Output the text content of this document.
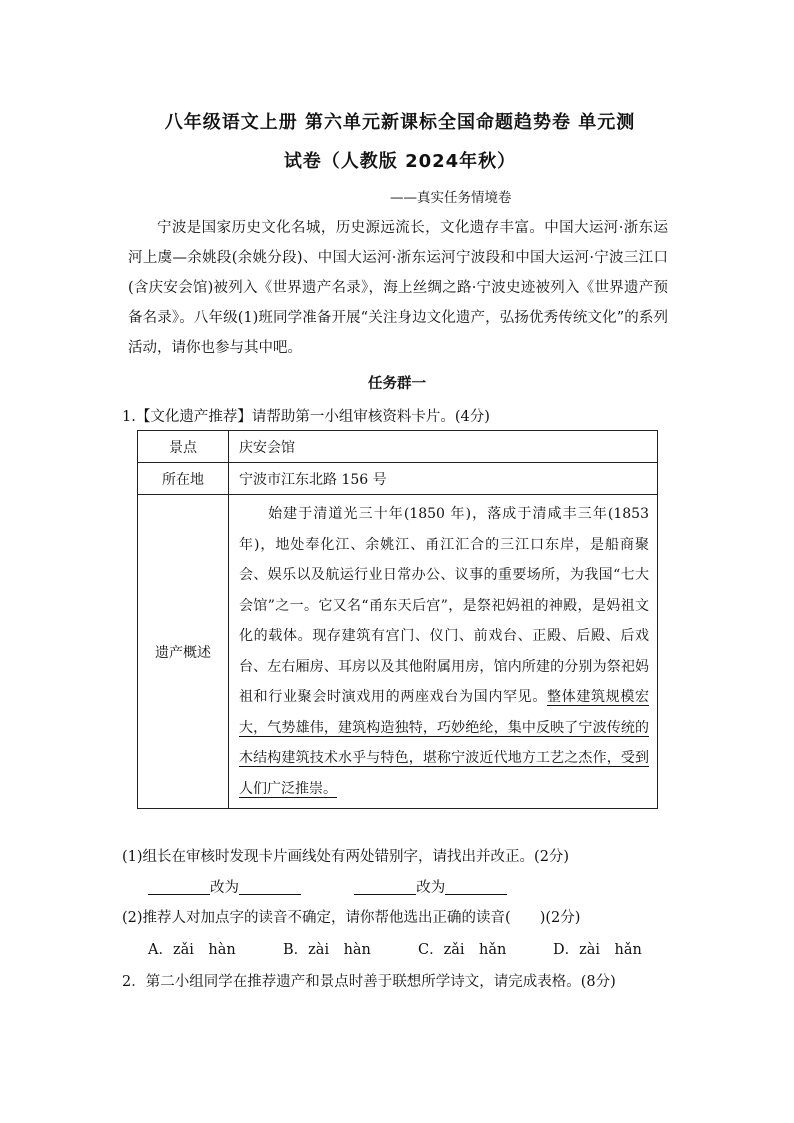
八年级语文上册 第六单元新课标全国命题趋势卷 单元测
试卷（人教版 2024年秋）
——真实任务情境卷

宁波是国家历史文化名城，历史源远流长，文化遗存丰富。中国大运河·浙东运河上虞—余姚段(余姚分段)、中国大运河·浙东运河宁波段和中国大运河·宁波三江口(含庆安会馆)被列入《世界遗产名录》，海上丝绸之路·宁波史迹被列入《世界遗产预备名录》。八年级(1)班同学准备开展“关注身边文化遗产，弘扬优秀传统文化”的系列活动，请你也参与其中吧。

任务群一
1.【文化遗产推荐】请帮助第一小组审核资料卡片。(4分)
景点	庆安会馆
所在地	宁波市江东北路 156 号
遗产概述	始建于清道光三十年(1850 年)，落成于清咸丰三年(1853 年)，地处奉化江、余姚江、甬江汇合的三江口东岸，是船商聚会、娱乐以及航运行业日常办公、议事的重要场所，为我国“七大会馆”之一。它又名“甬东天后宫”，是祭祀妈祖的神殿，是妈祖文化的载体。现存建筑有宫门、仪门、前戏台、正殿、后殿、后戏台、左右厢房、耳房以及其他附属用房，馆内所建的分别为祭祀妈祖和行业聚会时演戏用的两座戏台为国内罕见。整体建筑规模宏大，气势雄伟，建筑构造独特，巧妙绝纶，集中反映了宁波传统的木结构建筑技术水乎与特色，堪称宁波近代地方工艺之杰作，受到人们广泛推崇。
(1)组长在审核时发现卡片画线处有两处错别字，请找出并改正。(2分)
改为	改为
(2)推荐人对加点字的读音不确定，请你帮他选出正确的读音(　　)(2分)
A．zǎi　hàn	B．zài　hàn	C．zǎi　hǎn	D．zài　hǎn
2．第二小组同学在推荐遗产和景点时善于联想所学诗文，请完成表格。(8分)
